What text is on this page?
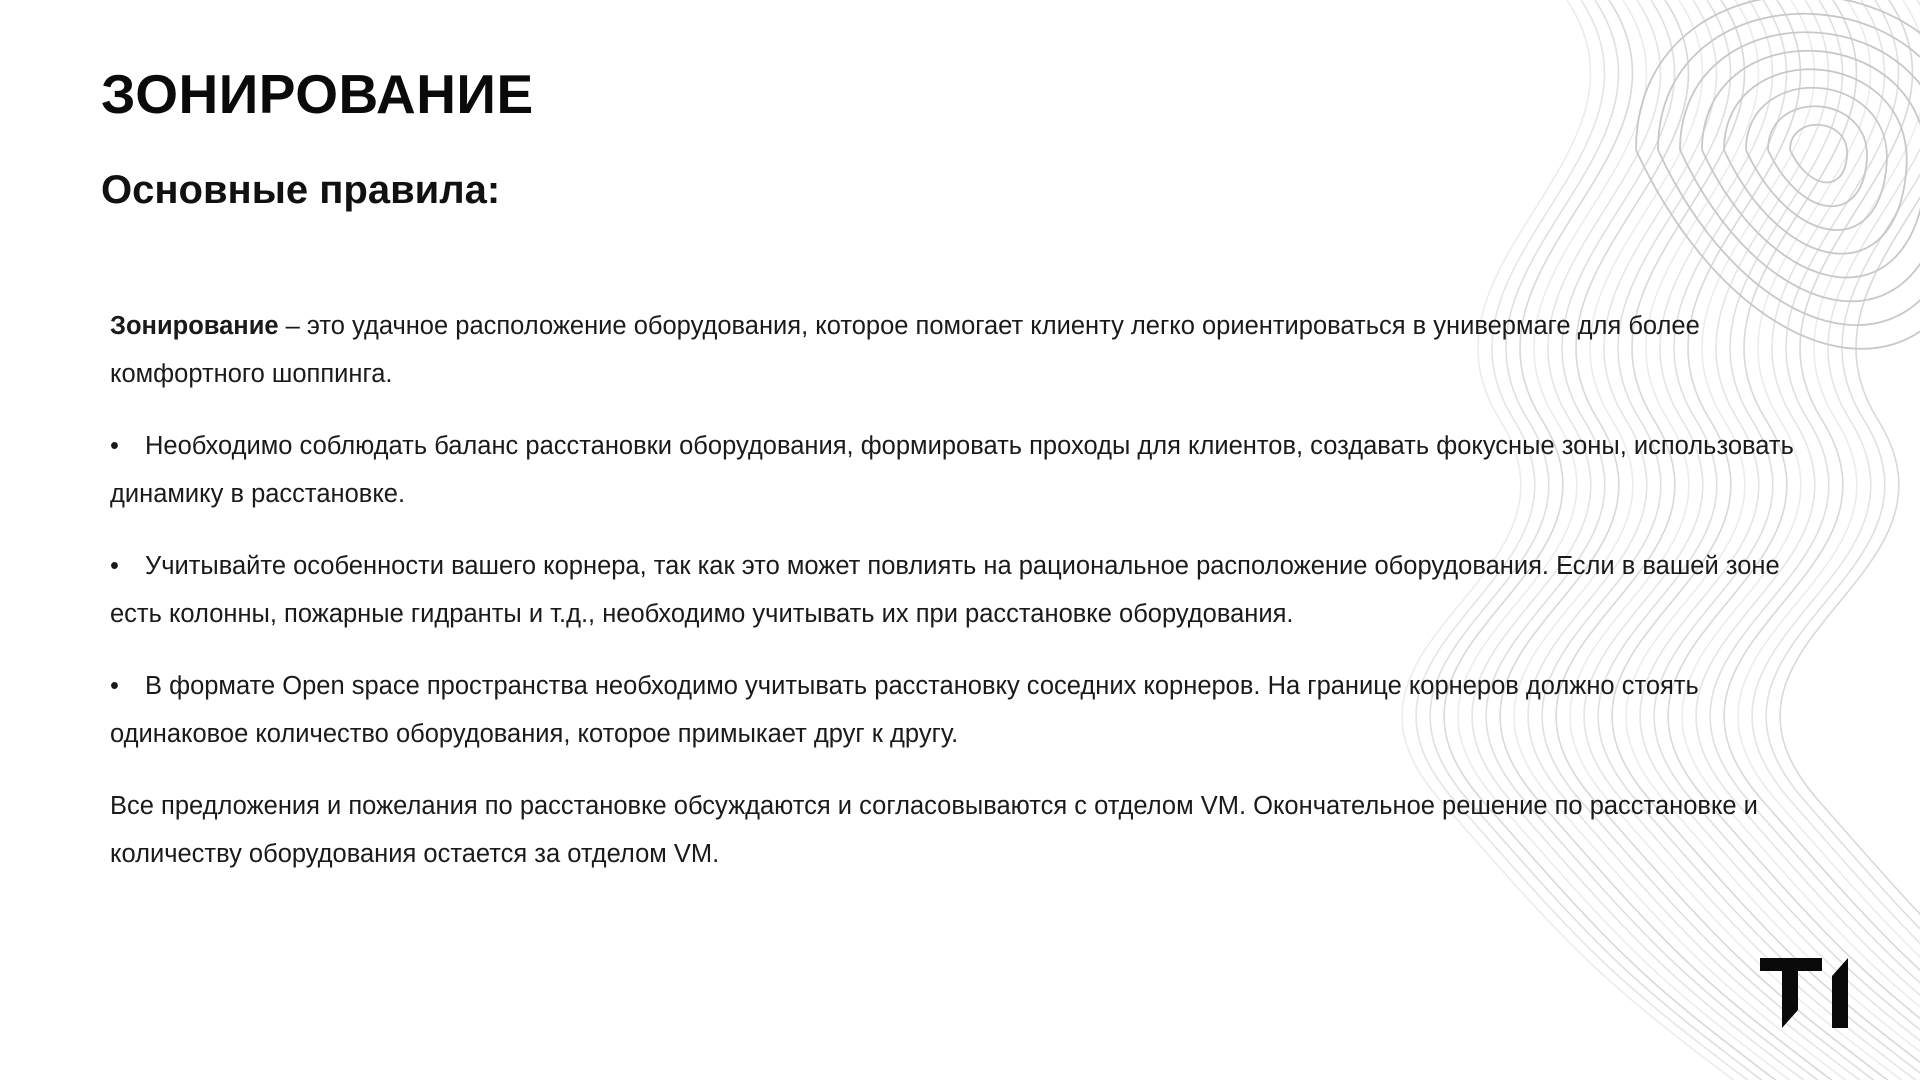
ЗОНИРОВАНИЕ
Основные правила:

Зонирование – это удачное расположение оборудования, которое помогает клиенту легко ориентироваться в универмаге для более комфортного шоппинга.

• Необходимо соблюдать баланс расстановки оборудования, формировать проходы для клиентов, создавать фокусные зоны, использовать динамику в расстановке.

• Учитывайте особенности вашего корнера, так как это может повлиять на рациональное расположение оборудования. Если в вашей зоне есть колонны, пожарные гидранты и т.д., необходимо учитывать их при расстановке оборудования.

• В формате Open space пространства необходимо учитывать расстановку соседних корнеров. На границе корнеров должно стоять одинаковое количество оборудования, которое примыкает друг к другу.

Все предложения и пожелания по расстановке обсуждаются и согласовываются с отделом VM. Окончательное решение по расстановке и количеству оборудования остается за отделом VM.
